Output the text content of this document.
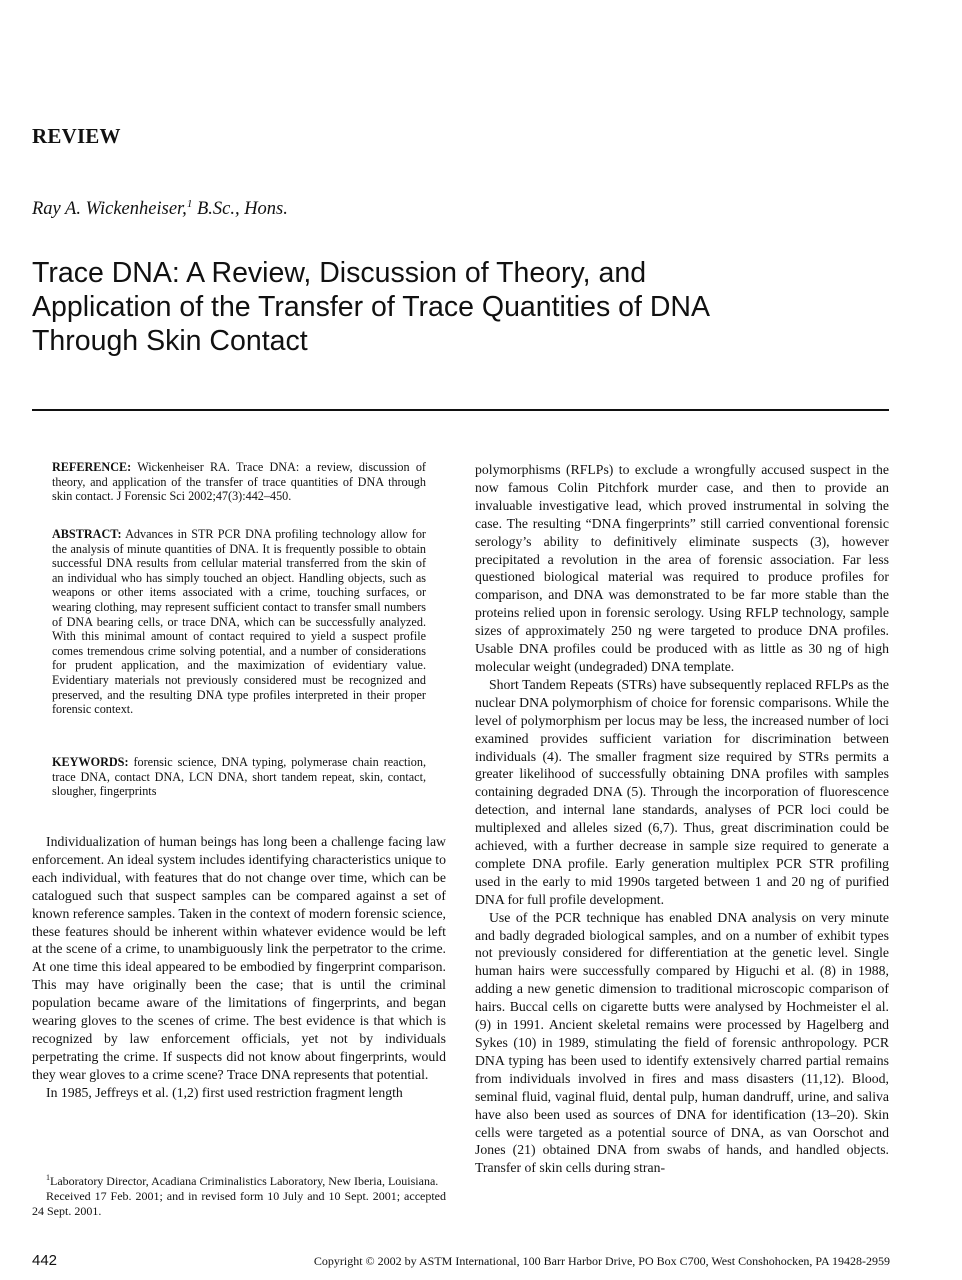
REVIEW
Ray A. Wickenheiser,$^1$ B.Sc., Hons.
Trace DNA: A Review, Discussion of Theory, and Application of the Transfer of Trace Quantities of DNA Through Skin Contact
REFERENCE: Wickenheiser RA. Trace DNA: a review, discussion of theory, and application of the transfer of trace quantities of DNA through skin contact. J Forensic Sci 2002;47(3):442–450.
ABSTRACT: Advances in STR PCR DNA profiling technology allow for the analysis of minute quantities of DNA. It is frequently possible to obtain successful DNA results from cellular material transferred from the skin of an individual who has simply touched an object. Handling objects, such as weapons or other items associated with a crime, touching surfaces, or wearing clothing, may represent sufficient contact to transfer small numbers of DNA bearing cells, or trace DNA, which can be successfully analyzed. With this minimal amount of contact required to yield a suspect profile comes tremendous crime solving potential, and a number of considerations for prudent application, and the maximization of evidentiary value. Evidentiary materials not previously considered must be recognized and preserved, and the resulting DNA type profiles interpreted in their proper forensic context.
KEYWORDS: forensic science, DNA typing, polymerase chain reaction, trace DNA, contact DNA, LCN DNA, short tandem repeat, skin, contact, slougher, fingerprints

Individualization of human beings has long been a challenge facing law enforcement. An ideal system includes identifying characteristics unique to each individual, with features that do not change over time, which can be catalogued such that suspect samples can be compared against a set of known reference samples. Taken in the context of modern forensic science, these features should be inherent within whatever evidence would be left at the scene of a crime, to unambiguously link the perpetrator to the crime. At one time this ideal appeared to be embodied by fingerprint comparison. This may have originally been the case; that is until the criminal population became aware of the limitations of fingerprints, and began wearing gloves to the scenes of crime. The best evidence is that which is recognized by law enforcement officials, yet not by individuals perpetrating the crime. If suspects did not know about fingerprints, would they wear gloves to a crime scene? Trace DNA represents that potential.

In 1985, Jeffreys et al. (1,2) first used restriction fragment length

polymorphisms (RFLPs) to exclude a wrongfully accused suspect in the now famous Colin Pitchfork murder case, and then to provide an invaluable investigative lead, which proved instrumental in solving the case. The resulting “DNA fingerprints” still carried conventional forensic serology’s ability to definitively eliminate suspects (3), however precipitated a revolution in the area of forensic association. Far less questioned biological material was required to produce profiles for comparison, and DNA was demonstrated to be far more stable than the proteins relied upon in forensic serology. Using RFLP technology, sample sizes of approximately 250 ng were targeted to produce DNA profiles. Usable DNA profiles could be produced with as little as 30 ng of high molecular weight (undegraded) DNA template.

Short Tandem Repeats (STRs) have subsequently replaced RFLPs as the nuclear DNA polymorphism of choice for forensic comparisons. While the level of polymorphism per locus may be less, the increased number of loci examined provides sufficient variation for discrimination between individuals (4). The smaller fragment size required by STRs permits a greater likelihood of successfully obtaining DNA profiles with samples containing degraded DNA (5). Through the incorporation of fluorescence detection, and internal lane standards, analyses of PCR loci could be multiplexed and alleles sized (6,7). Thus, great discrimination could be achieved, with a further decrease in sample size required to generate a complete DNA profile. Early generation multiplex PCR STR profiling used in the early to mid 1990s targeted between 1 and 20 ng of purified DNA for full profile development.

Use of the PCR technique has enabled DNA analysis on very minute and badly degraded biological samples, and on a number of exhibit types not previously considered for differentiation at the genetic level. Single human hairs were successfully compared by Higuchi et al. (8) in 1988, adding a new genetic dimension to traditional microscopic comparison of hairs. Buccal cells on cigarette butts were analysed by Hochmeister el al. (9) in 1991. Ancient skeletal remains were processed by Hagelberg and Sykes (10) in 1989, stimulating the field of forensic anthropology. PCR DNA typing has been used to identify extensively charred partial remains from individuals involved in fires and mass disasters (11,12). Blood, seminal fluid, vaginal fluid, dental pulp, human dandruff, urine, and saliva have also been used as sources of DNA for identification (13–20). Skin cells were targeted as a potential source of DNA, as van Oorschot and Jones (21) obtained DNA from swabs of hands, and handled objects. Transfer of skin cells during stran-

$^1$Laboratory Director, Acadiana Criminalistics Laboratory, New Iberia, Louisiana.

Received 17 Feb. 2001; and in revised form 10 July and 10 Sept. 2001; accepted 24 Sept. 2001.

442	Copyright © 2002 by ASTM International, 100 Barr Harbor Drive, PO Box C700, West Conshohocken, PA 19428-2959
